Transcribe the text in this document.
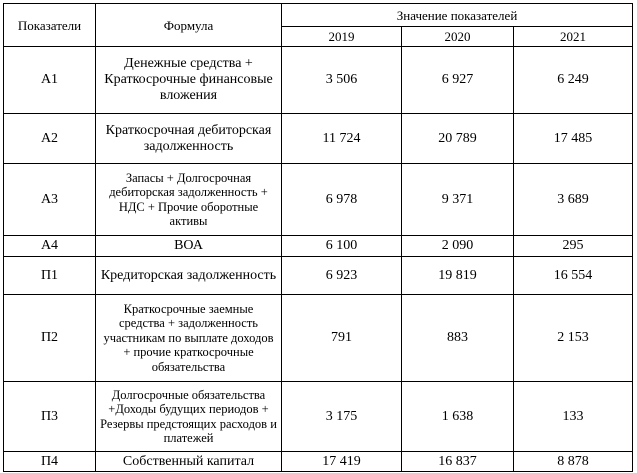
Показатели	Формула	Значение показателей		
		2019	2020	2021
А1	Денежные средства + Краткосрочные финансовые вложения	3 506	6 927	6 249
А2	Краткосрочная дебиторская задолженность	11 724	20 789	17 485
А3	Запасы + Долгосрочная дебиторская задолженность + НДС + Прочие оборотные активы	6 978	9 371	3 689
А4	ВОА	6 100	2 090	295
П1	Кредиторская задолженность	6 923	19 819	16 554
П2	Краткосрочные заемные средства + задолженность участникам по выплате доходов + прочие краткосрочные обязательства	791	883	2 153
П3	Долгосрочные обязательства +Доходы будущих периодов + Резервы предстоящих расходов и платежей	3 175	1 638	133
П4	Собственный капитал	17 419	16 837	8 878
